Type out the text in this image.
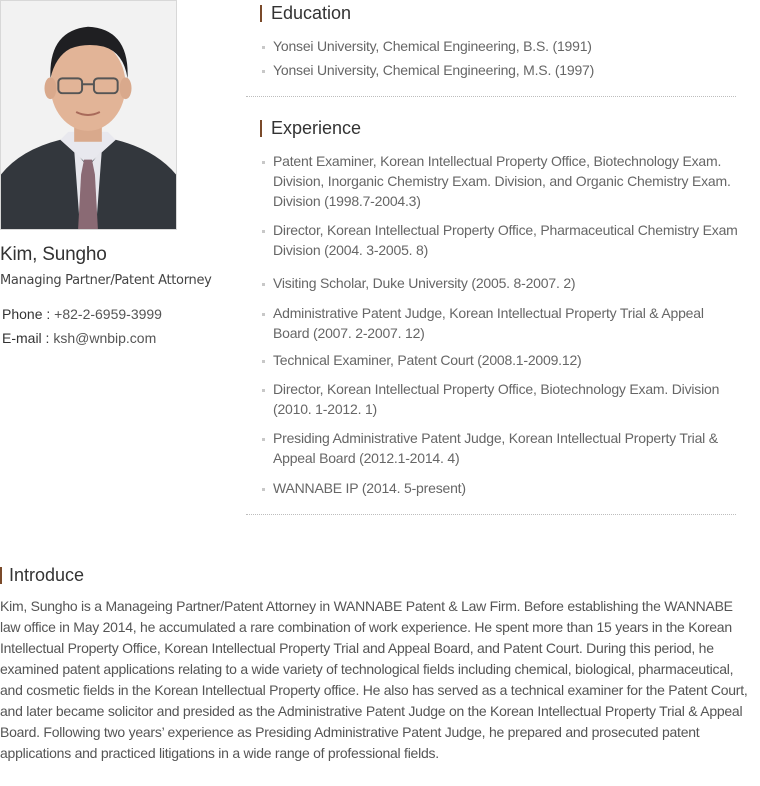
Kim, Sungho
Managing Partner/Patent Attorney
Phone : +82-2-6959-3999
E-mail : ksh@wnbip.com
Education
Yonsei University, Chemical Engineering, B.S. (1991)
Yonsei University, Chemical Engineering, M.S. (1997)
Experience
Patent Examiner, Korean Intellectual Property Office, Biotechnology Exam. Division, Inorganic Chemistry Exam. Division, and Organic Chemistry Exam. Division (1998.7-2004.3)
Director, Korean Intellectual Property Office, Pharmaceutical Chemistry Exam Division (2004. 3-2005. 8)
Visiting Scholar, Duke University (2005. 8-2007. 2)
Administrative Patent Judge, Korean Intellectual Property Trial & Appeal Board (2007. 2-2007. 12)
Technical Examiner, Patent Court (2008.1-2009.12)
Director, Korean Intellectual Property Office, Biotechnology Exam. Division (2010. 1-2012. 1)
Presiding Administrative Patent Judge, Korean Intellectual Property Trial & Appeal Board (2012.1-2014. 4)
WANNABE IP (2014. 5-present)
Introduce

Kim, Sungho is a Manageing Partner/Patent Attorney in WANNABE Patent & Law Firm. Before establishing the WANNABE law office in May 2014, he accumulated a rare combination of work experience. He spent more than 15 years in the Korean Intellectual Property Office, Korean Intellectual Property Trial and Appeal Board, and Patent Court. During this period, he examined patent applications relating to a wide variety of technological fields including chemical, biological, pharmaceutical, and cosmetic fields in the Korean Intellectual Property office. He also has served as a technical examiner for the Patent Court, and later became solicitor and presided as the Administrative Patent Judge on the Korean Intellectual Property Trial & Appeal Board. Following two years’ experience as Presiding Administrative Patent Judge, he prepared and prosecuted patent applications and practiced litigations in a wide range of professional fields.
